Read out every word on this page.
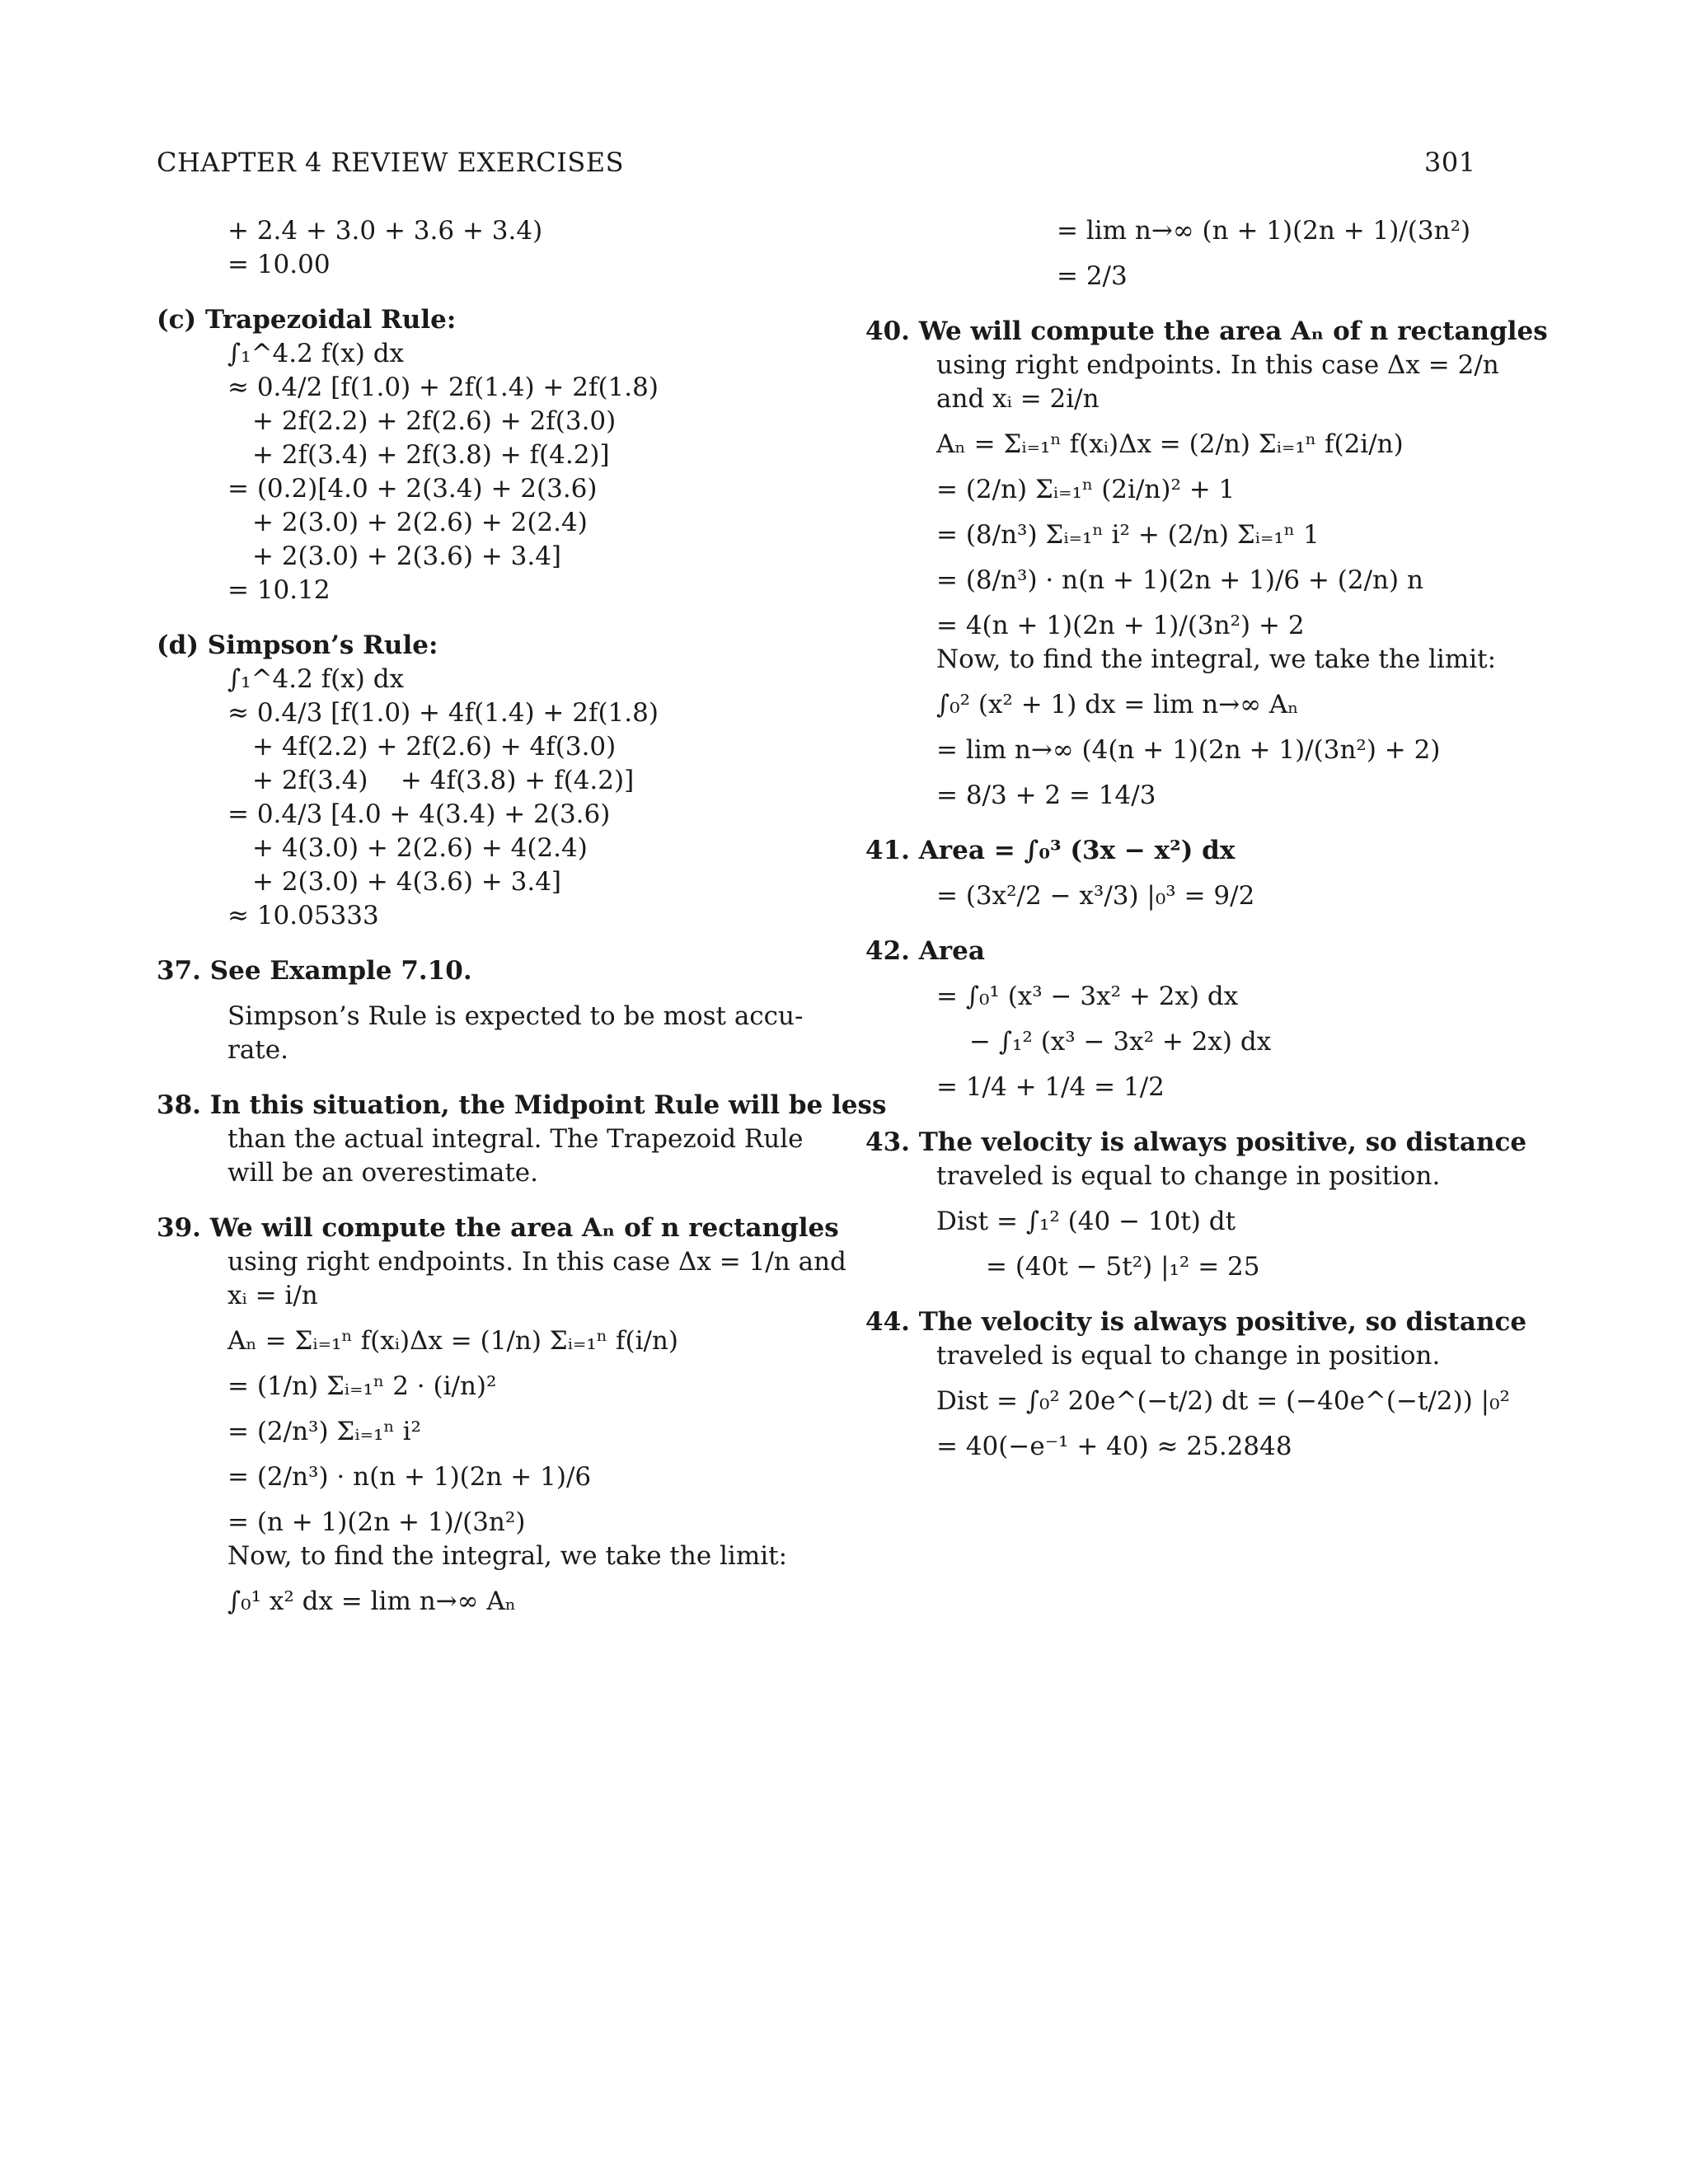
CHAPTER 4 REVIEW EXERCISES	301
+ 2.4 + 3.0 + 3.6 + 3.4)
= 10.00
(c) Trapezoidal Rule:
∫₁^4.2 f(x) dx
≈ 0.4/2 [f(1.0) + 2f(1.4) + 2f(1.8)
+ 2f(2.2) + 2f(2.6) + 2f(3.0)
+ 2f(3.4) + 2f(3.8) + f(4.2)]
= (0.2)[4.0 + 2(3.4) + 2(3.6)
+ 2(3.0) + 2(2.6) + 2(2.4)
+ 2(3.0) + 2(3.6) + 3.4]
= 10.12
(d) Simpson’s Rule:
∫₁^4.2 f(x) dx
≈ 0.4/3 [f(1.0) + 4f(1.4) + 2f(1.8)
+ 4f(2.2) + 2f(2.6) + 4f(3.0)
+ 2f(3.4)    + 4f(3.8) + f(4.2)]
= 0.4/3 [4.0 + 4(3.4) + 2(3.6)
+ 4(3.0) + 2(2.6) + 4(2.4)
+ 2(3.0) + 4(3.6) + 3.4]
≈ 10.05333
37. See Example 7.10.
Simpson’s Rule is expected to be most accu-
rate.
38. In this situation, the Midpoint Rule will be less
than the actual integral. The Trapezoid Rule
will be an overestimate.
39. We will compute the area Aₙ of n rectangles
using right endpoints. In this case Δx = 1/n and
xᵢ = i/n
Aₙ = Σᵢ₌₁ⁿ f(xᵢ)Δx = (1/n) Σᵢ₌₁ⁿ f(i/n)
= (1/n) Σᵢ₌₁ⁿ 2 · (i/n)²
= (2/n³) Σᵢ₌₁ⁿ i²
= (2/n³) · n(n + 1)(2n + 1)/6
= (n + 1)(2n + 1)/(3n²)
Now, to find the integral, we take the limit:
∫₀¹ x² dx = lim n→∞ Aₙ
= lim n→∞ (n + 1)(2n + 1)/(3n²)
= 2/3
40. We will compute the area Aₙ of n rectangles
using right endpoints. In this case Δx = 2/n
and xᵢ = 2i/n
Aₙ = Σᵢ₌₁ⁿ f(xᵢ)Δx = (2/n) Σᵢ₌₁ⁿ f(2i/n)
= (2/n) Σᵢ₌₁ⁿ (2i/n)² + 1
= (8/n³) Σᵢ₌₁ⁿ i² + (2/n) Σᵢ₌₁ⁿ 1
= (8/n³) · n(n + 1)(2n + 1)/6 + (2/n) n
= 4(n + 1)(2n + 1)/(3n²) + 2
Now, to find the integral, we take the limit:
∫₀² (x² + 1) dx = lim n→∞ Aₙ
= lim n→∞ (4(n + 1)(2n + 1)/(3n²) + 2)
= 8/3 + 2 = 14/3
41. Area = ∫₀³ (3x − x²) dx
= (3x²/2 − x³/3) |₀³ = 9/2
42. Area
= ∫₀¹ (x³ − 3x² + 2x) dx
− ∫₁² (x³ − 3x² + 2x) dx
= 1/4 + 1/4 = 1/2
43. The velocity is always positive, so distance
traveled is equal to change in position.
Dist = ∫₁² (40 − 10t) dt
= (40t − 5t²) |₁² = 25
44. The velocity is always positive, so distance
traveled is equal to change in position.
Dist = ∫₀² 20e^(−t/2) dt = (−40e^(−t/2)) |₀²
= 40(−e⁻¹ + 40) ≈ 25.2848
